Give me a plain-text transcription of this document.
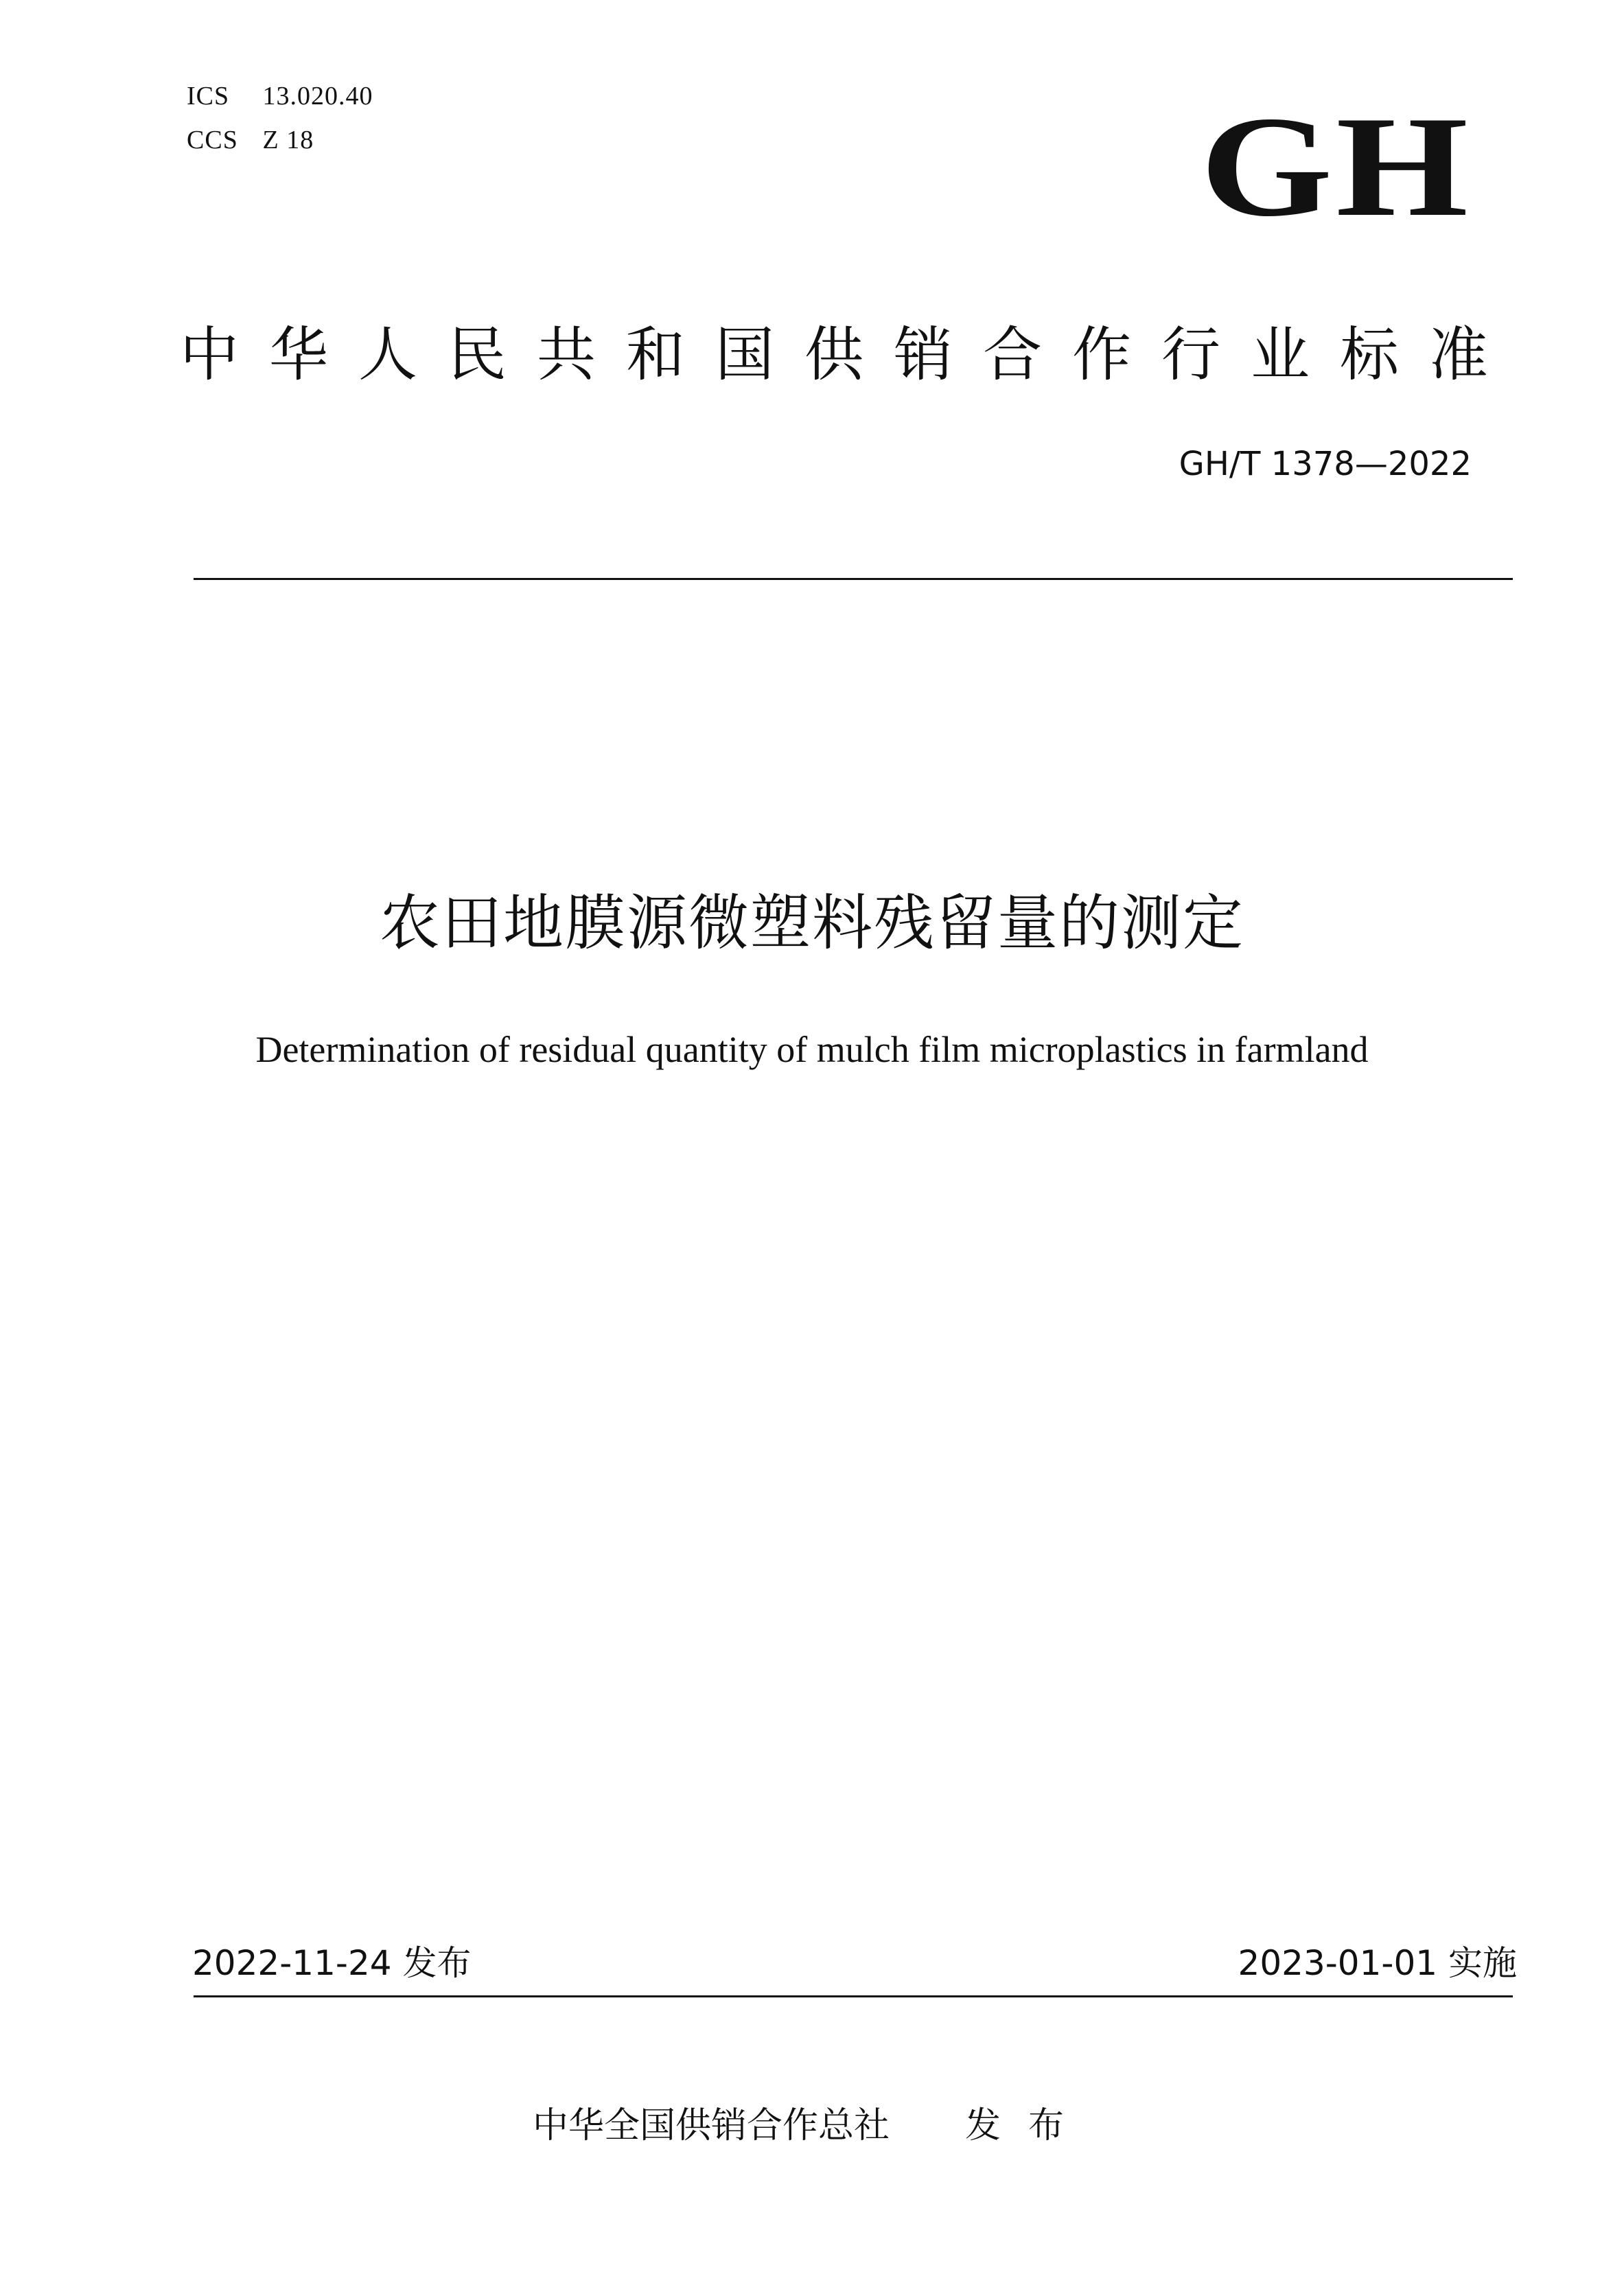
ICS 13.020.40
CCS Z 18	GH
中华人民共和国供销合作行业标准
GH/T 1378—2022
农田地膜源微塑料残留量的测定
Determination of residual quantity of mulch film microplastics in farmland
2022-11-24 发布	2023-01-01 实施
中华全国供销合作总社 发布
